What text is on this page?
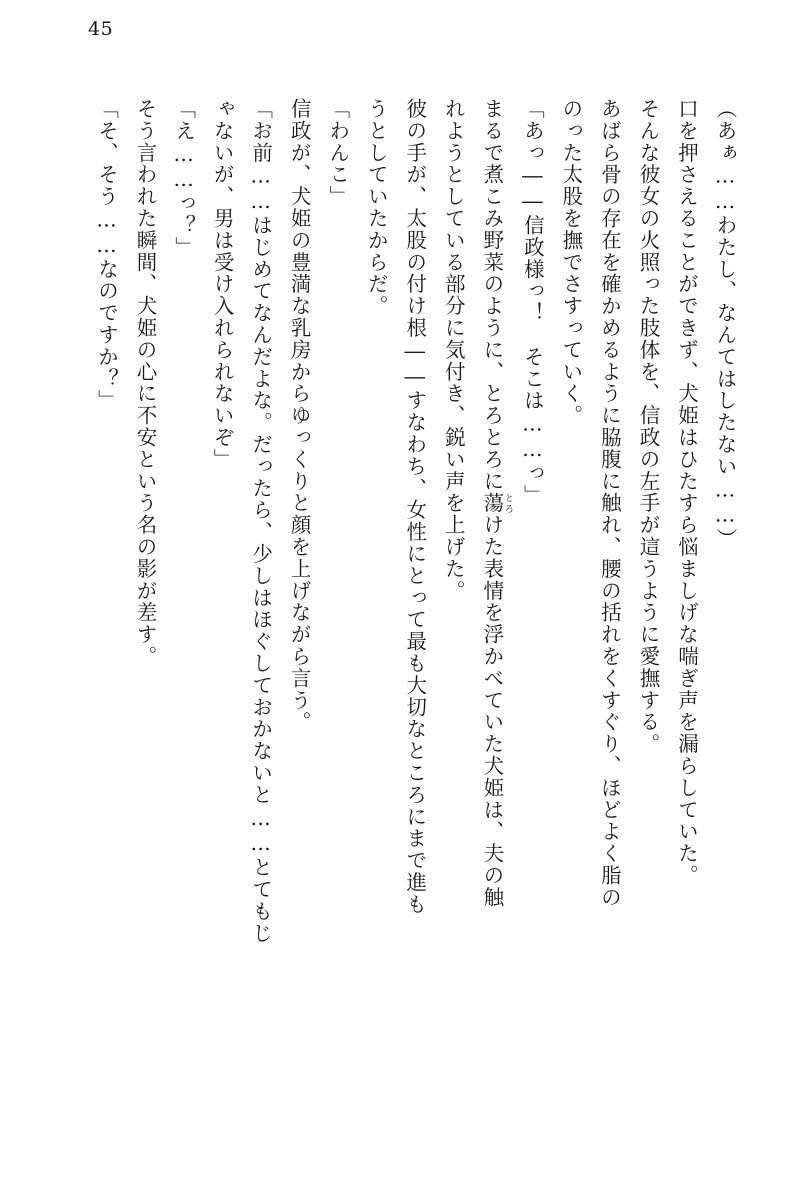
45

（あぁ……わたし、なんてはしたない……）

口を押さえることができず、犬姫はひたすら悩ましげな喘ぎ声を漏らしていた。

そんな彼女の火照った肢体を、信政の左手が這うように愛撫する。

あばら骨の存在を確かめるように脇腹に触れ、腰の括れをくすぐり、ほどよく脂の

のった太股を撫でさすっていく。

「あっ――信政様っ！　そこは……っ」

まるで煮こみ野菜のように、とろとろに蕩 とろけた表情を浮かべていた犬姫は、夫の触

れようとしている部分に気付き、鋭い声を上げた。

彼の手が、太股の付け根――すなわち、女性にとって最も大切なところにまで進も

うとしていたからだ。

「わんこ」

信政が、犬姫の豊満な乳房からゆっくりと顔を上げながら言う。

「お前……はじめてなんだよな。だったら、少しはほぐしておかないと……とてもじ

ゃないが、男は受け入れられないぞ」

「え……っ？」

そう言われた瞬間、犬姫の心に不安という名の影が差す。

「そ、そう……なのですか？」
